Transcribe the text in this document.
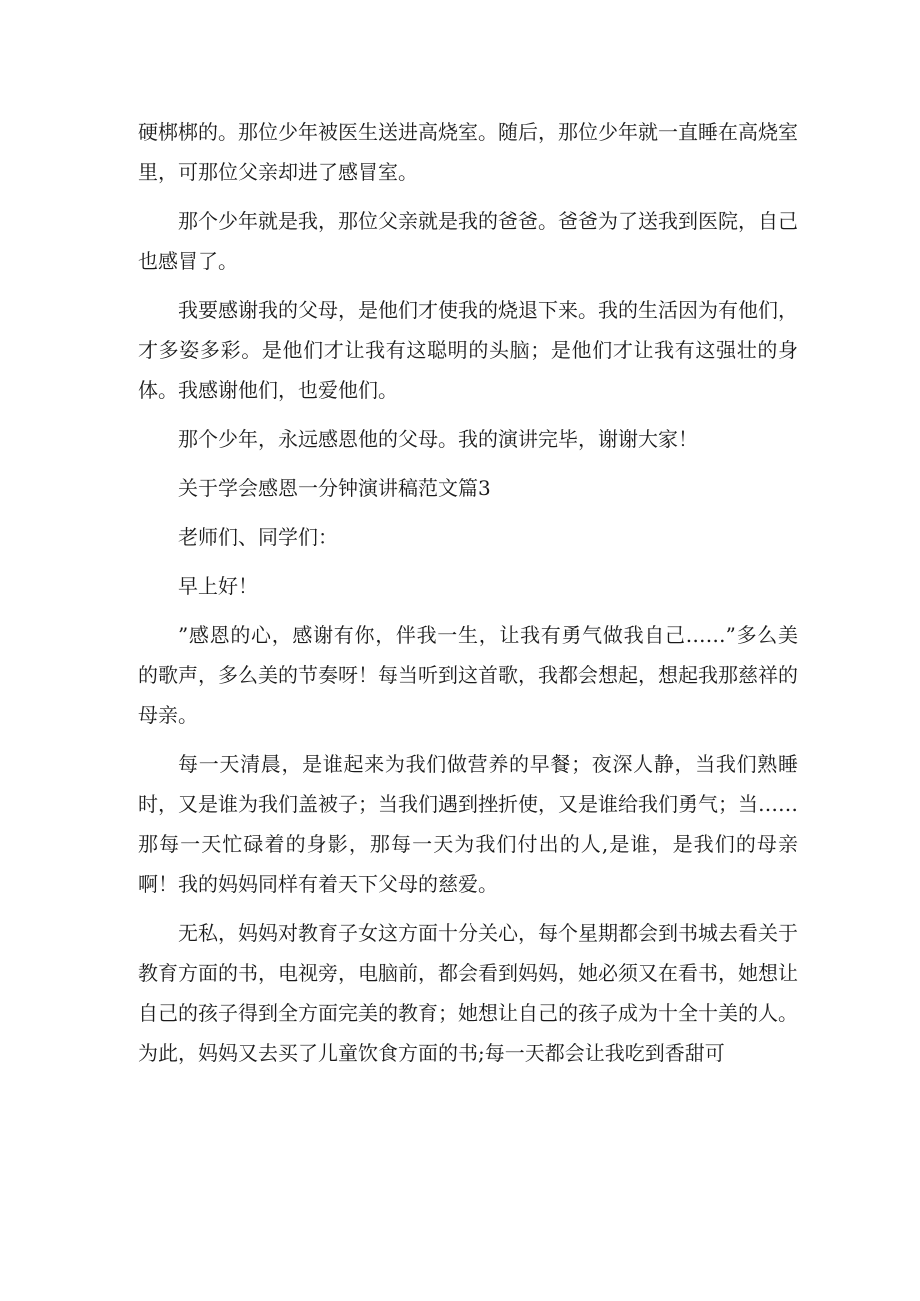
硬梆梆的。那位少年被医生送进高烧室。随后，那位少年就一直睡在高烧室里，可那位父亲却进了感冒室。

那个少年就是我，那位父亲就是我的爸爸。爸爸为了送我到医院，自己也感冒了。

我要感谢我的父母，是他们才使我的烧退下来。我的生活因为有他们，才多姿多彩。是他们才让我有这聪明的头脑；是他们才让我有这强壮的身体。我感谢他们，也爱他们。

那个少年，永远感恩他的父母。我的演讲完毕，谢谢大家！

关于学会感恩一分钟演讲稿范文篇3

老师们、同学们：

早上好！

”感恩的心，感谢有你，伴我一生，让我有勇气做我自己……”多么美的歌声，多么美的节奏呀！每当听到这首歌，我都会想起，想起我那慈祥的母亲。

每一天清晨，是谁起来为我们做营养的早餐；夜深人静，当我们熟睡时，又是谁为我们盖被子；当我们遇到挫折使，又是谁给我们勇气；当……那每一天忙碌着的身影，那每一天为我们付出的人,是谁，是我们的母亲啊！我的妈妈同样有着天下父母的慈爱。

无私，妈妈对教育子女这方面十分关心，每个星期都会到书城去看关于教育方面的书，电视旁，电脑前，都会看到妈妈，她必须又在看书，她想让自己的孩子得到全方面完美的教育；她想让自己的孩子成为十全十美的人。为此，妈妈又去买了儿童饮食方面的书;每一天都会让我吃到香甜可
